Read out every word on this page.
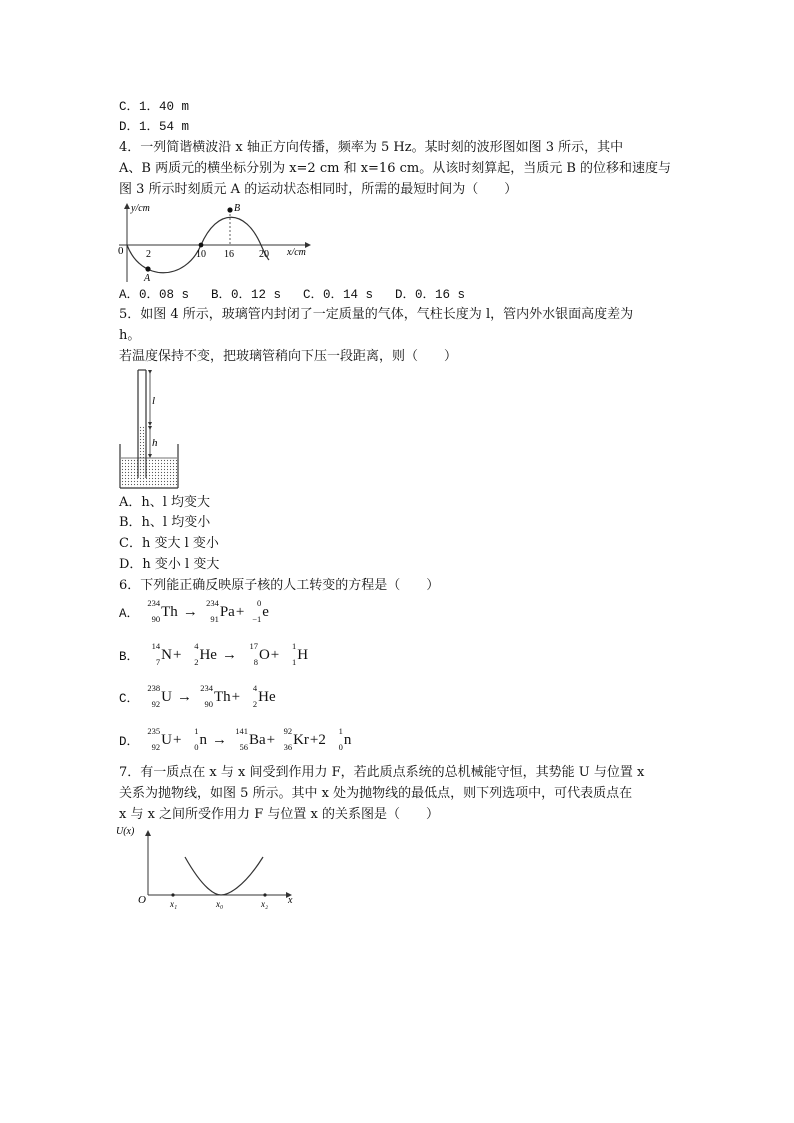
C．1．40 m
D．1．54 m
4．一列简谐横波沿 x 轴正方向传播，频率为 5 Hz。某时刻的波形图如图 3 所示，其中
A、B 两质元的横坐标分别为 x=2 cm 和 x=16 cm。从该时刻算起，当质元 B 的位移和速度与
图 3 所示时刻质元 A 的运动状态相同时，所需的最短时间为（　　）
y/cm
x/cm
0 2	10 16	20
A
B
A．0．08 s B．0．12 s C．0．14 s D．0．16 s
5．如图 4 所示，玻璃管内封闭了一定质量的气体，气柱长度为 l，管内外水银面高度差为
h。
若温度保持不变，把玻璃管稍向下压一段距离，则（　　）
l
h
A．h、l 均变大
B．h、l 均变小
C．h 变大 l 变小
D．h 变小 l 变大
6．下列能正确反映原子核的人工转变的方程是（　　）
A．
234
90 Th →
234
91 Pa+
0
−1 e
B．
14
7 N+
4
2 He →
17
8 O+
1
1 H
C．
238
92 U →
234
90 Th+
4
2 He
D．
235
92 U+
1
0 n →
141
56 Ba+
92
36 Kr+2
1
0 n
7．有一质点在 x 与 x 间受到作用力 F，若此质点系统的总机械能守恒，其势能 U 与位置 x
关系为抛物线，如图 5 所示。其中 x 处为抛物线的最低点，则下列选项中，可代表质点在
x 与 x 之间所受作用力 F 与位置 x 的关系图是（　　）
U(x)
x
O	x₁	x₀	x₂
